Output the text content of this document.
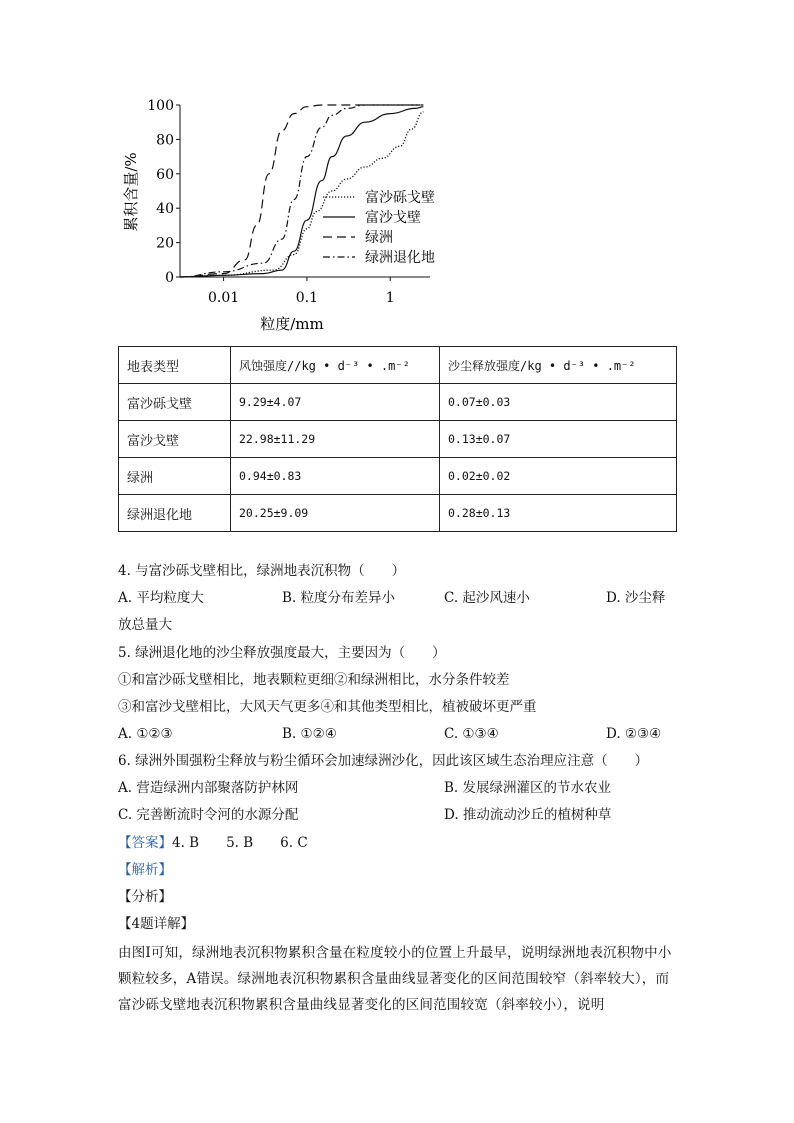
0
20
40
60
80
100
0.01	0.1	1
累积含量/%
粒度/mm
富沙砾戈壁
富沙戈壁
绿洲
绿洲退化地
地表类型	风蚀强度//kg • d⁻³ • .m⁻²	沙尘释放强度/kg • d⁻³ • .m⁻²
富沙砾戈壁	9.29±4.07	0.07±0.03
富沙戈壁	22.98±11.29	0.13±0.07
绿洲	0.94±0.83	0.02±0.02
绿洲退化地	20.25±9.09	0.28±0.13
4. 与富沙砾戈壁相比，绿洲地表沉积物（　　）
A. 平均粒度大	B. 粒度分布差异小	C. 起沙风速小	D. 沙尘释
放总量大
5. 绿洲退化地的沙尘释放强度最大，主要因为（　　）
①和富沙砾戈壁相比，地表颗粒更细②和绿洲相比，水分条件较差
③和富沙戈壁相比，大风天气更多④和其他类型相比，植被破坏更严重
A. ①②③	B. ①②④	C. ①③④	D. ②③④
6. 绿洲外围强粉尘释放与粉尘循环会加速绿洲沙化，因此该区域生态治理应注意（　　）
A. 营造绿洲内部聚落防护林网	B. 发展绿洲灌区的节水农业
C. 完善断流时令河的水源分配	D. 推动流动沙丘的植树种草
【答案】4. B　　5. B　　6. C
【解析】
【分析】
【4题详解】
由图I可知，绿洲地表沉积物累积含量在粒度较小的位置上升最早，说明绿洲地表沉积物中小颗粒较多，A错误。绿洲地表沉积物累积含量曲线显著变化的区间范围较窄（斜率较大），而富沙砾戈壁地表沉积物累积含量曲线显著变化的区间范围较宽（斜率较小），说明
